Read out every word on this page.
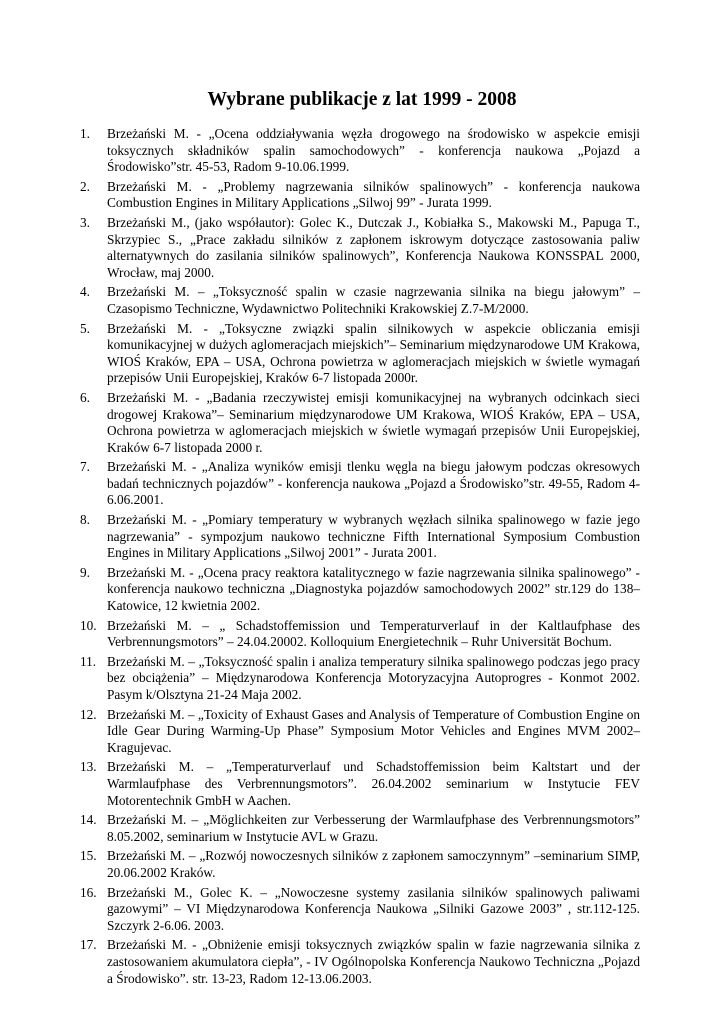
Wybrane publikacje z lat 1999 - 2008
1.	Brzeżański M. - „Ocena oddziaływania węzła drogowego na środowisko w aspekcie emisji toksycznych składników spalin samochodowych” - konferencja naukowa „Pojazd a Środowisko”str. 45-53, Radom 9-10.06.1999.
2.	Brzeżański M. - „Problemy nagrzewania silników spalinowych” - konferencja naukowa Combustion Engines in Military Applications „Silwoj 99” - Jurata 1999.
3.	Brzeżański M., (jako współautor): Golec K., Dutczak J., Kobiałka S., Makowski M., Papuga T., Skrzypiec S., „Prace zakładu silników z zapłonem iskrowym dotyczące zastosowania paliw alternatywnych do zasilania silników spalinowych”, Konferencja Naukowa KONSSPAL 2000, Wrocław, maj 2000.
4.	Brzeżański M. – „Toksyczność spalin w czasie nagrzewania silnika na biegu jałowym” – Czasopismo Techniczne, Wydawnictwo Politechniki Krakowskiej Z.7-M/2000.
5.	Brzeżański M. - „Toksyczne związki spalin silnikowych w aspekcie obliczania emisji komunikacyjnej w dużych aglomeracjach miejskich”– Seminarium międzynarodowe UM Krakowa, WIOŚ Kraków, EPA – USA, Ochrona powietrza w aglomeracjach miejskich w świetle wymagań przepisów Unii Europejskiej, Kraków 6-7 listopada 2000r.
6.	Brzeżański M. - „Badania rzeczywistej emisji komunikacyjnej na wybranych odcinkach sieci drogowej Krakowa”– Seminarium międzynarodowe UM Krakowa, WIOŚ Kraków, EPA – USA, Ochrona powietrza w aglomeracjach miejskich w świetle wymagań przepisów Unii Europejskiej, Kraków 6-7 listopada 2000 r.
7.	Brzeżański M. - „Analiza wyników emisji tlenku węgla na biegu jałowym podczas okresowych badań technicznych pojazdów” - konferencja naukowa „Pojazd a Środowisko”str. 49-55, Radom 4-6.06.2001.
8.	Brzeżański M. - „Pomiary temperatury w wybranych węzłach silnika spalinowego w fazie jego nagrzewania” - sympozjum naukowo techniczne Fifth International Symposium Combustion Engines in Military Applications „Silwoj 2001” - Jurata 2001.
9.	Brzeżański M. - „Ocena pracy reaktora katalitycznego w fazie nagrzewania silnika spalinowego” - konferencja naukowo techniczna „Diagnostyka pojazdów samochodowych 2002” str.129 do 138– Katowice, 12 kwietnia 2002.
10. Brzeżański M. – „ Schadstoffemission und Temperaturverlauf in der Kaltlaufphase des Verbrennungsmotors” – 24.04.20002. Kolloquium Energietechnik – Ruhr Universität Bochum.
11. Brzeżański M. – „Toksyczność spalin i analiza temperatury silnika spalinowego podczas jego pracy bez obciążenia” – Międzynarodowa Konferencja Motoryzacyjna Autoprogres - Konmot 2002. Pasym k/Olsztyna 21-24 Maja 2002.
12. Brzeżański M. – „Toxicity of Exhaust Gases and Analysis of Temperature of Combustion Engine on Idle Gear During Warming-Up Phase” Symposium Motor Vehicles and Engines MVM 2002– Kragujevac.
13. Brzeżański M. – „Temperaturverlauf und Schadstoffemission beim Kaltstart und der Warmlaufphase des Verbrennungsmotors”. 26.04.2002 seminarium w Instytucie FEV Motorentechnik GmbH w Aachen.
14. Brzeżański M. – „Möglichkeiten zur Verbesserung der Warmlaufphase des Verbrennungsmotors” 8.05.2002, seminarium w Instytucie AVL w Grazu.
15. Brzeżański M. – „Rozwój nowoczesnych silników z zapłonem samoczynnym” –seminarium SIMP, 20.06.2002 Kraków.
16. Brzeżański M., Golec K. – „Nowoczesne systemy zasilania silników spalinowych paliwami gazowymi” – VI Międzynarodowa Konferencja Naukowa „Silniki Gazowe 2003” , str.112-125. Szczyrk 2-6.06. 2003.
17. Brzeżański M. - „Obniżenie emisji toksycznych związków spalin w fazie nagrzewania silnika z zastosowaniem akumulatora ciepła”, - IV Ogólnopolska Konferencja Naukowo Techniczna „Pojazd a Środowisko”. str. 13-23, Radom 12-13.06.2003.
